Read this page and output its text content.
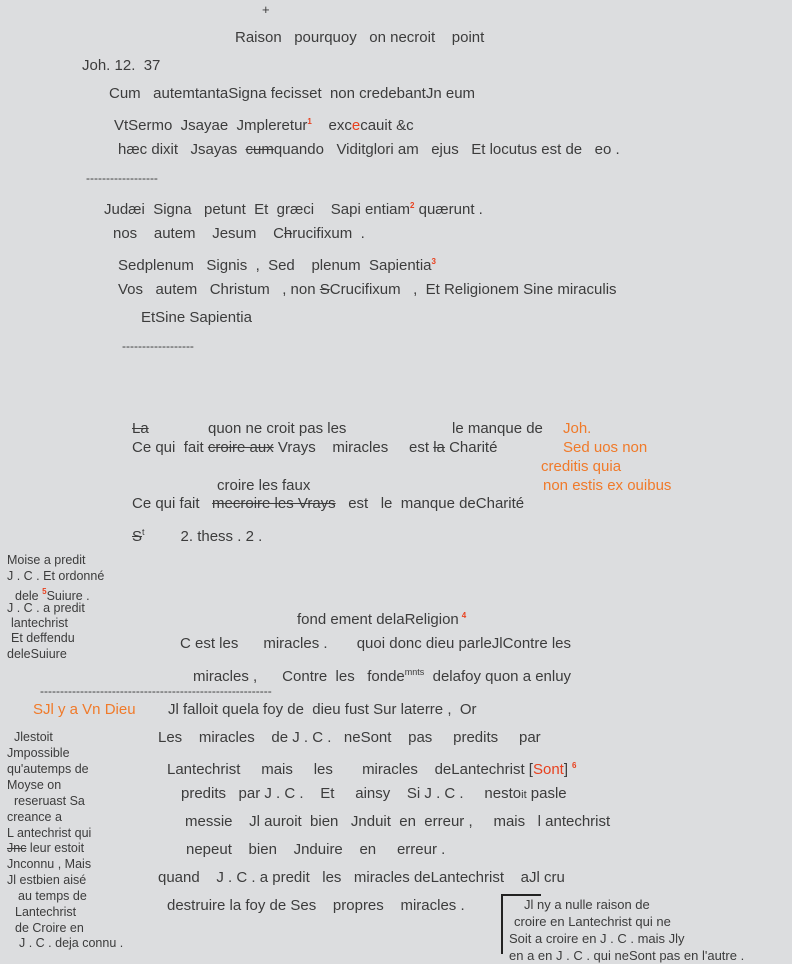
+
Raison   pourquoy   on necroit    point
Joh. 12.  37
Cum   autemtantaSigna fecisset  non credebantJn eum
VtSermo  Jsayae  Jmpleretur$^1$    excecauit &c
hæc dixit   Jsayas  cumquando   Viditglori am   ejus   Et locutus est de   eo .
------------------
Judæi  Signa   petunt  Et  græci    Sapi entiam$^2$ quærunt .
nos    autem    Jesum    Chrucifixum  .
Sedplenum   Signis  ,  Sed    plenum  Sapientia$^3$
Vos   autem   Christum   , non SCrucifixum   ,  Et Religionem Sine miraculis
EtSine Sapientia
------------------
La	quon ne croit pas les	le manque de
Ce qui  fait croire aux Vrays    miracles     est la Charité
Joh.
Sed uos non
creditis quia
non estis ex ouibus
croire les faux
Ce qui fait   mecroire les Vrays   est   le  manque deCharité
$S^t$ 2. thess . 2 .
Moise a predit
J . C . Et ordonné
dele $^5$Suiure .
J . C . a predit
lantechrist
Et deffendu
deleSuiure
fond ement delaReligion $^4$
C est les      miracles .       quoi donc dieu parleJlContre les
miracles ,      Contre  les   fonde$^{mnts}$  delafoy quon a enluy
----------------------------------------------------------
SJl y a Vn Dieu Jl falloit quela foy de  dieu fust Sur laterre ,  Or
Les    miracles    de J . C .   neSont    pas     predits     par
Lantechrist     mais     les       miracles    deLantechrist [Sont] $^6$
predits   par J . C .    Et     ainsy    Si J . C .     nestoit pasle
messie    Jl auroit  bien   Jnduit  en  erreur ,     mais   l antechrist
nepeut    bien    Jnduire    en     erreur .
quand    J . C . a predit   les   miracles deLantechrist    aJl cru
destruire la foy de Ses    propres    miracles .
Jlestoit
Jmpossible
qu'autemps de
Moyse on
reseruast Sa
creance a
L antechrist qui
Jnc leur estoit
Jnconnu , Mais
Jl estbien aisé
au temps de
Lantechrist
de Croire en
J . C . deja connu .
Jl ny a nulle raison de
croire en Lantechrist qui ne
Soit a croire en J . C . mais Jly
en a en J . C . qui neSont pas en l'autre .
